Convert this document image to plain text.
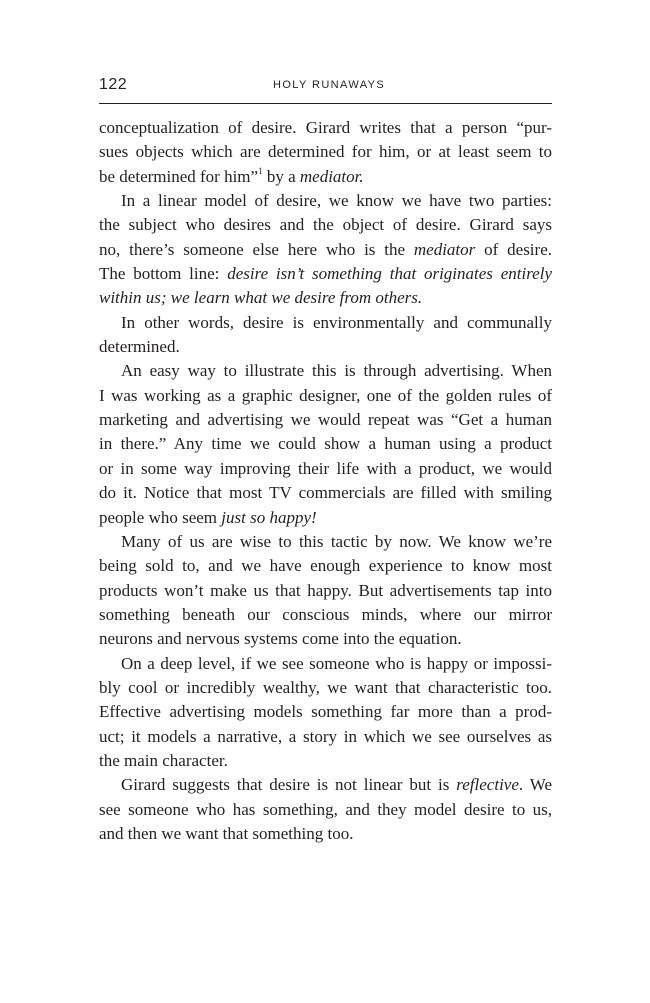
122	HOLY RUNAWAYS
conceptualization of desire. Girard writes that a person “pur-
sues objects which are determined for him, or at least seem to
be determined for him”$^1$ by a mediator.
In a linear model of desire, we know we have two parties:
the subject who desires and the object of desire. Girard says
no, there’s someone else here who is the mediator of desire.
The bottom line: desire isn’t something that originates entirely
within us; we learn what we desire from others.
In other words, desire is environmentally and communally
determined.
An easy way to illustrate this is through advertising. When
I was working as a graphic designer, one of the golden rules of
marketing and advertising we would repeat was “Get a human
in there.” Any time we could show a human using a product
or in some way improving their life with a product, we would
do it. Notice that most TV commercials are filled with smiling
people who seem just so happy!
Many of us are wise to this tactic by now. We know we’re
being sold to, and we have enough experience to know most
products won’t make us that happy. But advertisements tap into
something beneath our conscious minds, where our mirror
neurons and nervous systems come into the equation.
On a deep level, if we see someone who is happy or impossi-
bly cool or incredibly wealthy, we want that characteristic too.
Effective advertising models something far more than a prod-
uct; it models a narrative, a story in which we see ourselves as
the main character.
Girard suggests that desire is not linear but is reflective. We
see someone who has something, and they model desire to us,
and then we want that something too.
